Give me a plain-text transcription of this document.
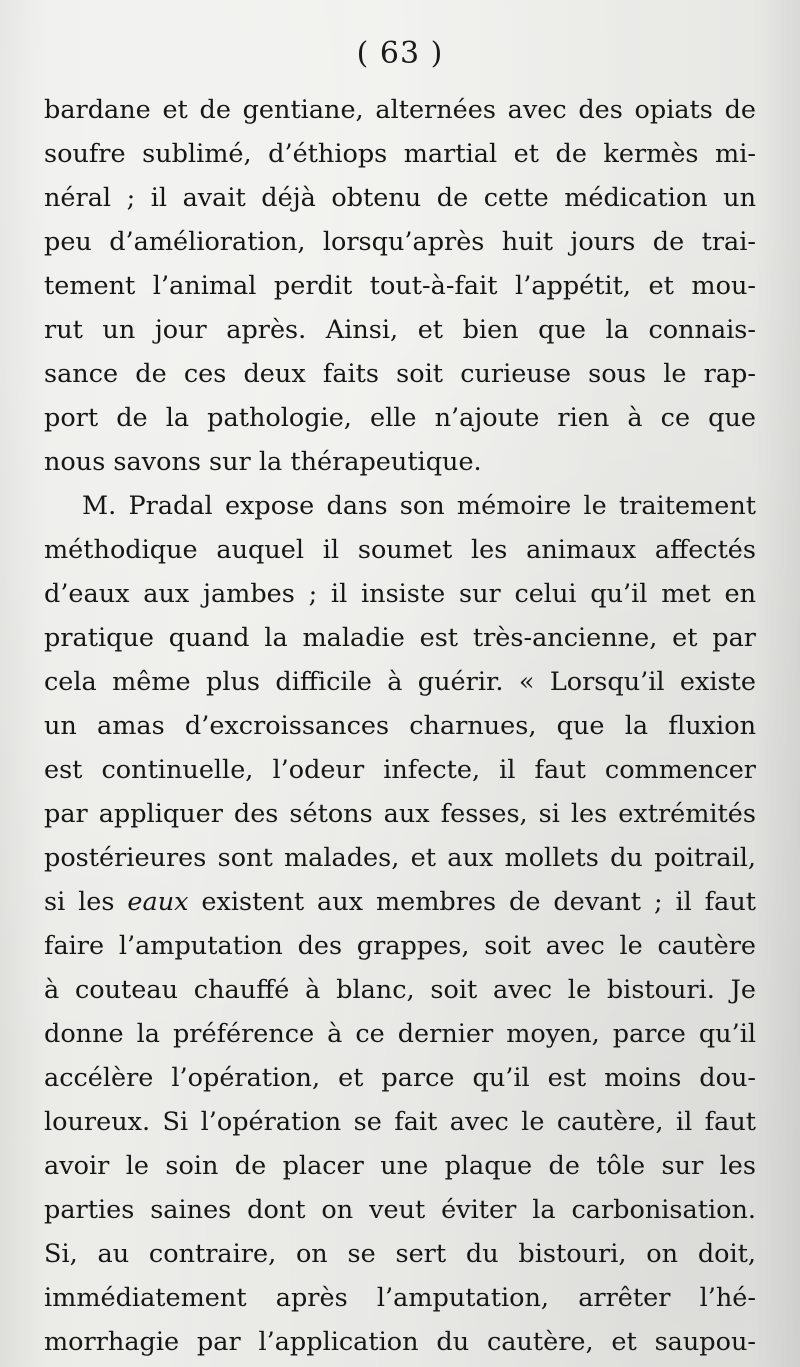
( 63 )
bardane et de gentiane, alternées avec des opiats de
soufre sublimé, d’éthiops martial et de kermès mi-
néral ; il avait déjà obtenu de cette médication un
peu d’amélioration, lorsqu’après huit jours de trai-
tement l’animal perdit tout-à-fait l’appétit, et mou-
rut un jour après. Ainsi, et bien que la connais-
sance de ces deux faits soit curieuse sous le rap-
port de la pathologie, elle n’ajoute rien à ce que
nous savons sur la thérapeutique.
M. Pradal expose dans son mémoire le traitement
méthodique auquel il soumet les animaux affectés
d’eaux aux jambes ; il insiste sur celui qu’il met en
pratique quand la maladie est très-ancienne, et par
cela même plus difficile à guérir. « Lorsqu’il existe
un amas d’excroissances charnues, que la fluxion
est continuelle, l’odeur infecte, il faut commencer
par appliquer des sétons aux fesses, si les extrémités
postérieures sont malades, et aux mollets du poitrail,
si les eaux existent aux membres de devant ; il faut
faire l’amputation des grappes, soit avec le cautère
à couteau chauffé à blanc, soit avec le bistouri. Je
donne la préférence à ce dernier moyen, parce qu’il
accélère l’opération, et parce qu’il est moins dou-
loureux. Si l’opération se fait avec le cautère, il faut
avoir le soin de placer une plaque de tôle sur les
parties saines dont on veut éviter la carbonisation.
Si, au contraire, on se sert du bistouri, on doit,
immédiatement après l’amputation, arrêter l’hé-
morrhagie par l’application du cautère, et saupou-
